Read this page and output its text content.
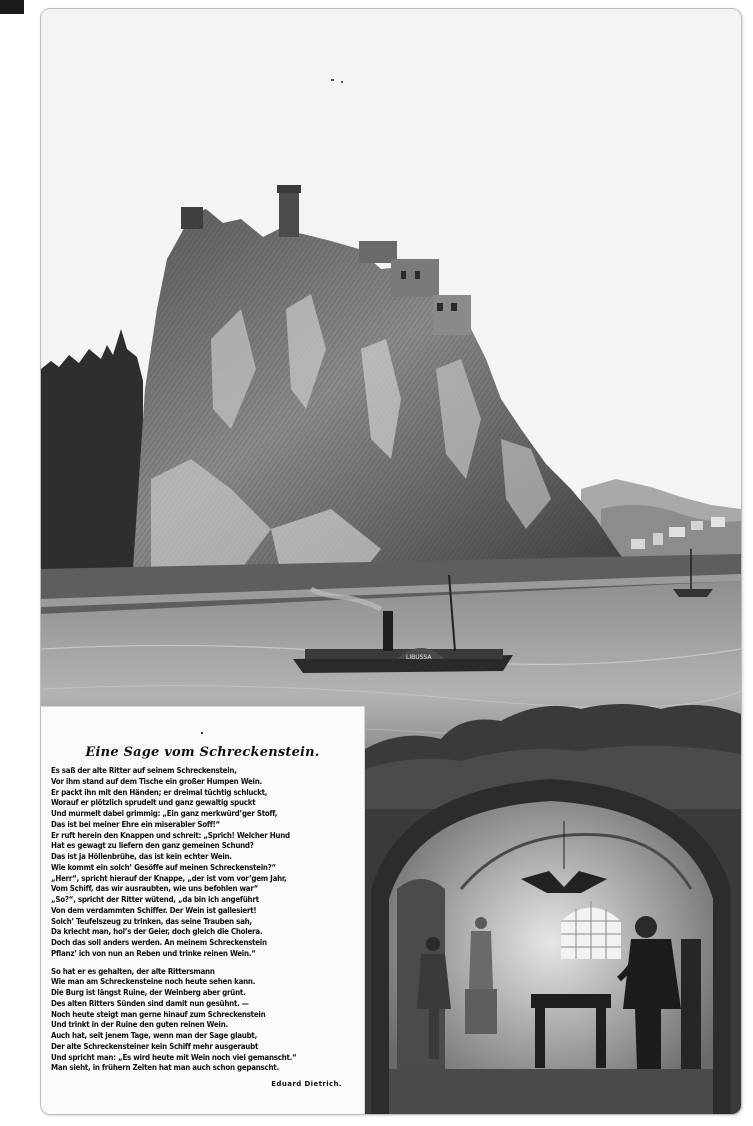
LIBUSSA
Eine Sage vom Schreckenstein.
Es saß der alte Ritter auf seinem Schreckenstein,
Vor ihm stand auf dem Tische ein großer Humpen Wein.
Er packt ihn mit den Händen; er dreimal tüchtig schluckt,
Worauf er plötzlich sprudelt und ganz gewaltig spuckt
Und murmelt dabei grimmig: „Ein ganz merkwürd’ger Stoff,
Das ist bei meiner Ehre ein miserabler Soff!“
Er ruft herein den Knappen und schreit: „Sprich! Welcher Hund
Hat es gewagt zu liefern den ganz gemeinen Schund?
Das ist ja Höllenbrühe, das ist kein echter Wein.
Wie kommt ein solch’ Gesöffe auf meinen Schreckenstein?“
„Herr“, spricht hierauf der Knappe, „der ist vom vor’gem Jahr,
Vom Schiff, das wir ausraubten, wie uns befohlen war“
„So?“, spricht der Ritter wütend, „da bin ich angeführt
Von dem verdammten Schiffer. Der Wein ist gallesiert!
Solch’ Teufelszeug zu trinken, das seine Trauben sah,
Da kriecht man, hol’s der Geier, doch gleich die Cholera.
Doch das soll anders werden. An meinem Schreckenstein
Pflanz’ ich von nun an Reben und trinke reinen Wein.“
So hat er es gehalten, der alte Rittersmann
Wie man am Schreckensteine noch heute sehen kann.
Die Burg ist längst Ruine, der Weinberg aber grünt.
Des alten Ritters Sünden sind damit nun gesühnt. —
Noch heute steigt man gerne hinauf zum Schreckenstein
Und trinkt in der Ruine den guten reinen Wein.
Auch hat, seit jenem Tage, wenn man der Sage glaubt,
Der alte Schreckensteiner kein Schiff mehr ausgeraubt
Und spricht man: „Es wird heute mit Wein noch viel gemanscht.“
Man sieht, in frühern Zeiten hat man auch schon gepanscht.
Eduard Dietrich.
